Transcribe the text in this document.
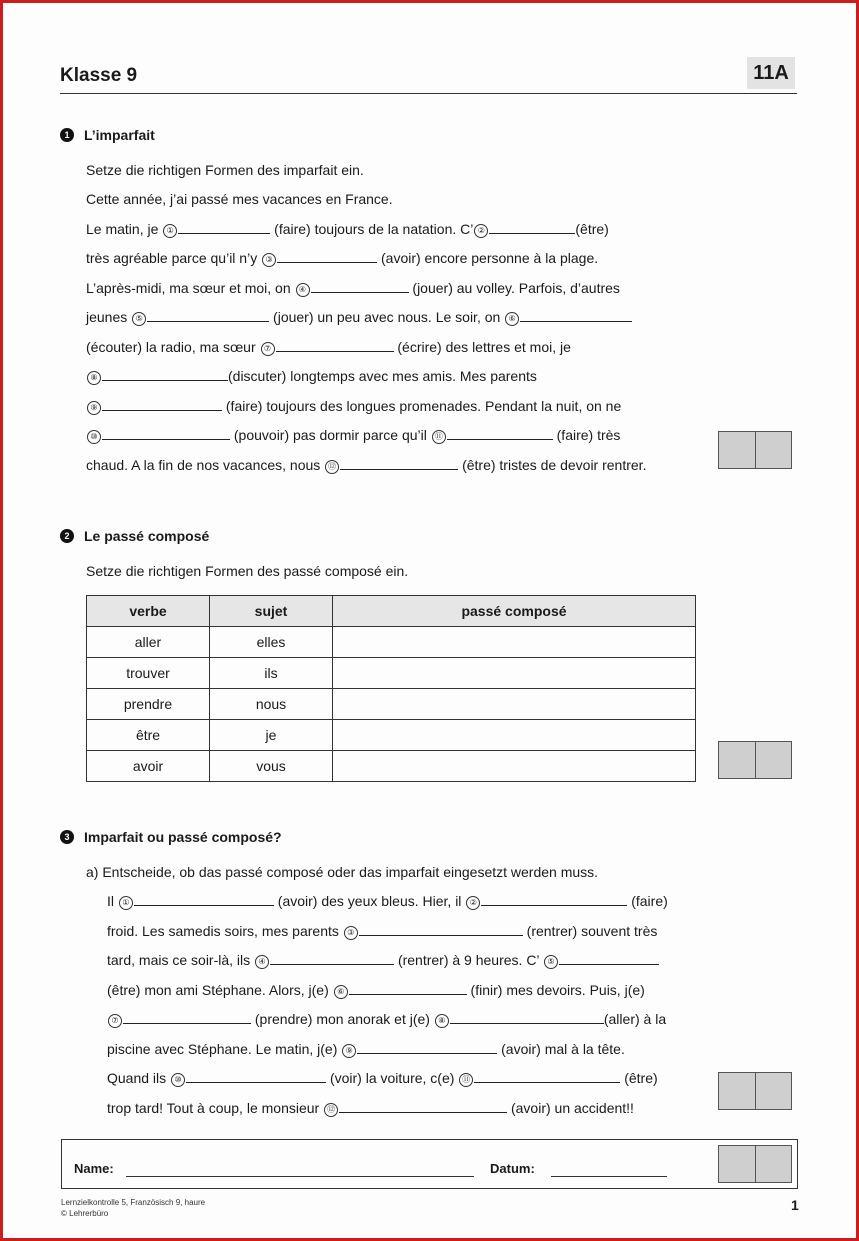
Klasse 9	11A
1	L’imparfait
Setze die richtigen Formen des imparfait ein.
Cette année, j’ai passé mes vacances en France.
Le matin, je ①	(faire) toujours de la natation. C’ ②	(être)
très agréable parce qu’il n’y ③	(avoir) encore personne à la plage.
L’après-midi, ma sœur et moi, on ④	(jouer) au volley. Parfois, d’autres
jeunes ⑤	(jouer) un peu avec nous. Le soir, on ⑥
(écouter) la radio, ma sœur ⑦	(écrire) des lettres et moi, je
⑧	(discuter) longtemps avec mes amis. Mes parents
⑨	(faire) toujours des longues promenades. Pendant la nuit, on ne
⑩	(pouvoir) pas dormir parce qu’il ⑪	(faire) très
chaud. A la fin de nos vacances, nous ⑫	(être) tristes de devoir rentrer.
2	Le passé composé
Setze die richtigen Formen des passé composé ein.
verbe	sujet	passé composé
aller	elles	
trouver	ils	
prendre	nous	
être	je	
avoir	vous	
3	Imparfait ou passé composé?
a) Entscheide, ob das passé composé oder das imparfait eingesetzt werden muss.
Il ①	(avoir) des yeux bleus. Hier, il ②	(faire)
froid. Les samedis soirs, mes parents ③	(rentrer) souvent très
tard, mais ce soir-là, ils ④	(rentrer) à 9 heures. C’ ⑤
(être) mon ami Stéphane. Alors, j(e) ⑥	(finir) mes devoirs. Puis, j(e)
⑦	(prendre) mon anorak et j(e) ⑧	(aller) à la
piscine avec Stéphane. Le matin, j(e) ⑨	(avoir) mal à la tête.
Quand ils ⑩	(voir) la voiture, c(e) ⑪	(être)
trop tard! Tout à coup, le monsieur ⑫	(avoir) un accident!!
Name:	Datum:
Lernzielkontrolle 5, Französisch 9, haure
© Lehrerbüro
1
